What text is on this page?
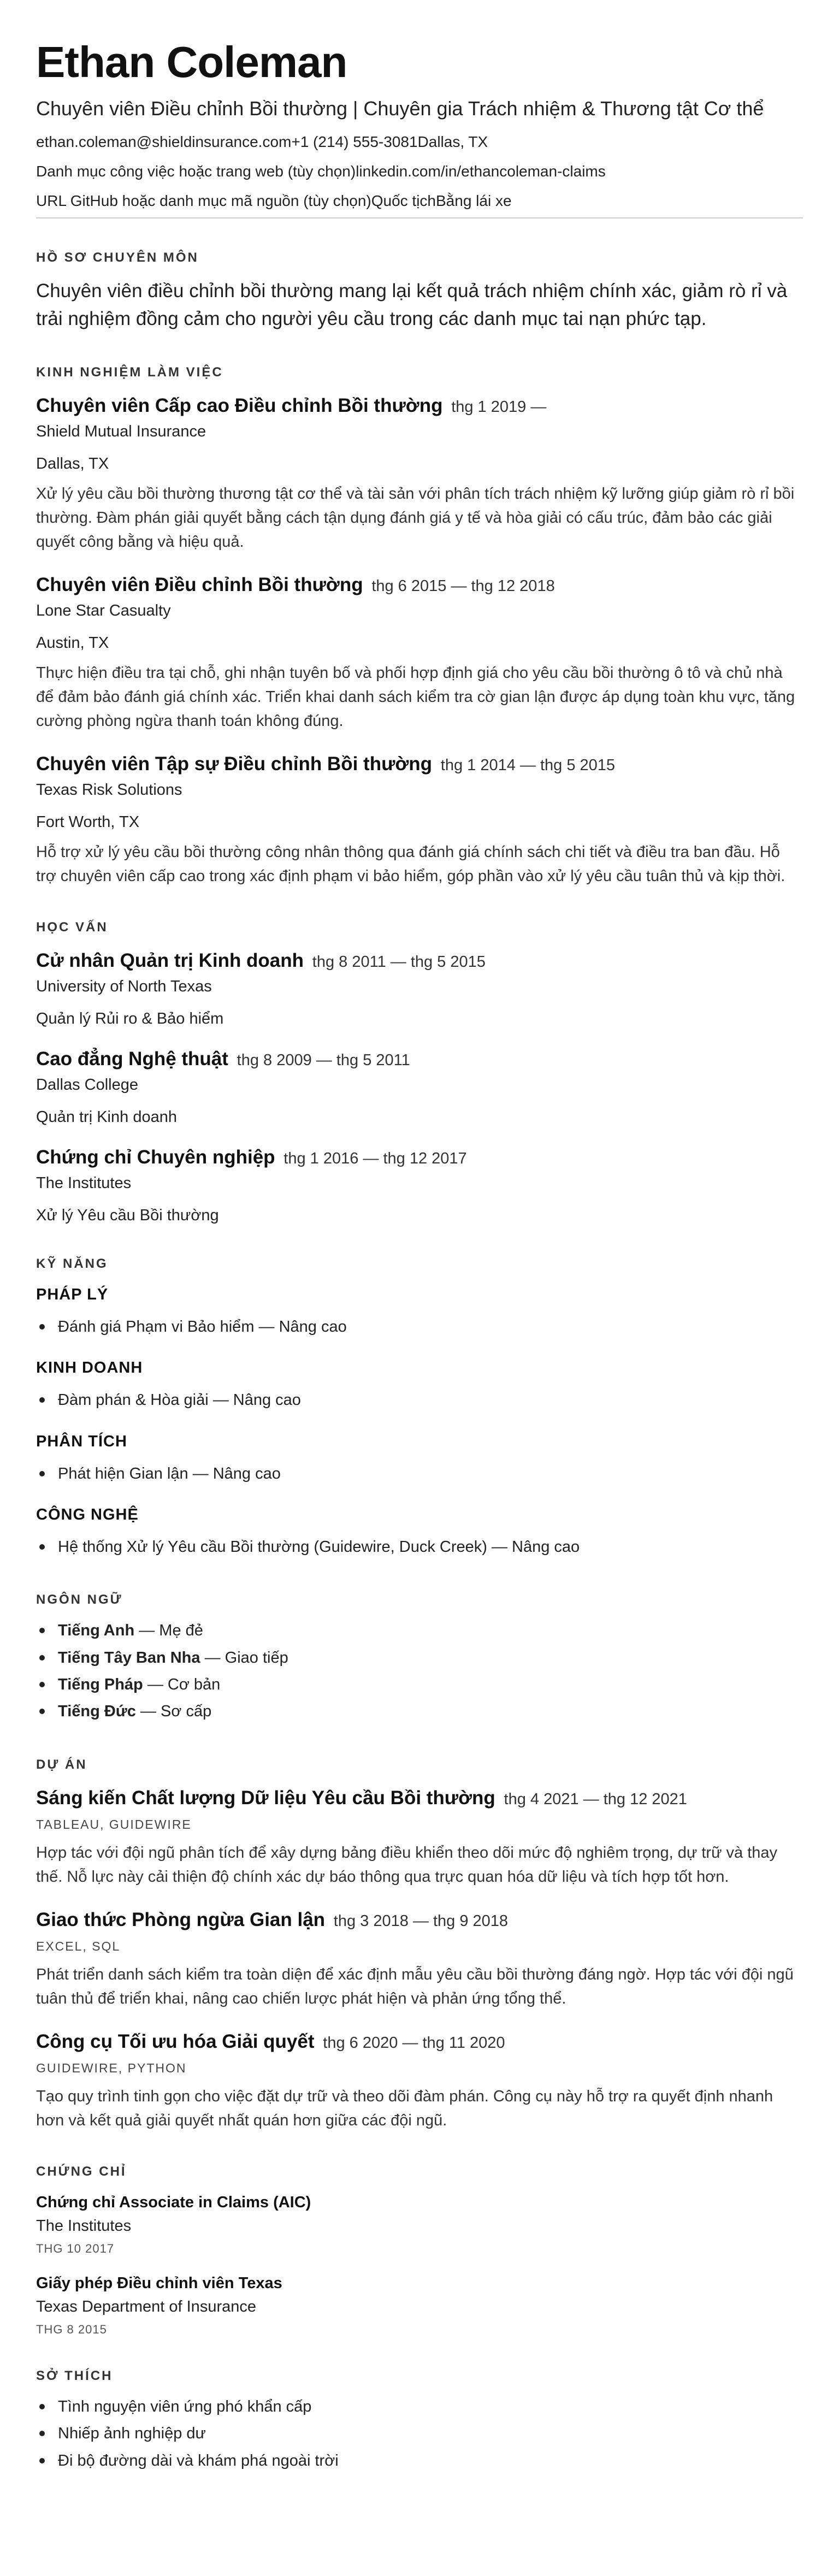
Ethan Coleman
Chuyên viên Điều chỉnh Bồi thường | Chuyên gia Trách nhiệm & Thương tật Cơ thể
ethan.coleman@shieldinsurance.com+1 (214) 555-3081Dallas, TX
Danh mục công việc hoặc trang web (tùy chọn)linkedin.com/in/ethancoleman-claims
URL GitHub hoặc danh mục mã nguồn (tùy chọn)Quốc tịchBằng lái xe
HỒ SƠ CHUYÊN MÔN

Chuyên viên điều chỉnh bồi thường mang lại kết quả trách nhiệm chính xác, giảm rò rỉ và trải nghiệm đồng cảm cho người yêu cầu trong các danh mục tai nạn phức tạp.

KINH NGHIỆM LÀM VIỆC
Chuyên viên Cấp cao Điều chỉnh Bồi thường thg 1 2019 —
Shield Mutual Insurance
Dallas, TX

Xử lý yêu cầu bồi thường thương tật cơ thể và tài sản với phân tích trách nhiệm kỹ lưỡng giúp giảm rò rỉ bồi thường. Đàm phán giải quyết bằng cách tận dụng đánh giá y tế và hòa giải có cấu trúc, đảm bảo các giải quyết công bằng và hiệu quả.

Chuyên viên Điều chỉnh Bồi thường thg 6 2015 — thg 12 2018
Lone Star Casualty
Austin, TX

Thực hiện điều tra tại chỗ, ghi nhận tuyên bố và phối hợp định giá cho yêu cầu bồi thường ô tô và chủ nhà để đảm bảo đánh giá chính xác. Triển khai danh sách kiểm tra cờ gian lận được áp dụng toàn khu vực, tăng cường phòng ngừa thanh toán không đúng.

Chuyên viên Tập sự Điều chỉnh Bồi thường thg 1 2014 — thg 5 2015
Texas Risk Solutions
Fort Worth, TX

Hỗ trợ xử lý yêu cầu bồi thường công nhân thông qua đánh giá chính sách chi tiết và điều tra ban đầu. Hỗ trợ chuyên viên cấp cao trong xác định phạm vi bảo hiểm, góp phần vào xử lý yêu cầu tuân thủ và kịp thời.

HỌC VẤN
Cử nhân Quản trị Kinh doanh thg 8 2011 — thg 5 2015
University of North Texas
Quản lý Rủi ro & Bảo hiểm
Cao đẳng Nghệ thuật thg 8 2009 — thg 5 2011
Dallas College
Quản trị Kinh doanh
Chứng chỉ Chuyên nghiệp thg 1 2016 — thg 12 2017
The Institutes
Xử lý Yêu cầu Bồi thường
KỸ NĂNG
PHÁP LÝ
Đánh giá Phạm vi Bảo hiểm — Nâng cao
KINH DOANH
Đàm phán & Hòa giải — Nâng cao
PHÂN TÍCH
Phát hiện Gian lận — Nâng cao
CÔNG NGHỆ
Hệ thống Xử lý Yêu cầu Bồi thường (Guidewire, Duck Creek) — Nâng cao
NGÔN NGỮ
Tiếng Anh — Mẹ đẻ
Tiếng Tây Ban Nha — Giao tiếp
Tiếng Pháp — Cơ bản
Tiếng Đức — Sơ cấp
DỰ ÁN
Sáng kiến Chất lượng Dữ liệu Yêu cầu Bồi thường thg 4 2021 — thg 12 2021
TABLEAU, GUIDEWIRE

Hợp tác với đội ngũ phân tích để xây dựng bảng điều khiển theo dõi mức độ nghiêm trọng, dự trữ và thay thế. Nỗ lực này cải thiện độ chính xác dự báo thông qua trực quan hóa dữ liệu và tích hợp tốt hơn.

Giao thức Phòng ngừa Gian lận thg 3 2018 — thg 9 2018
EXCEL, SQL

Phát triển danh sách kiểm tra toàn diện để xác định mẫu yêu cầu bồi thường đáng ngờ. Hợp tác với đội ngũ tuân thủ để triển khai, nâng cao chiến lược phát hiện và phản ứng tổng thể.

Công cụ Tối ưu hóa Giải quyết thg 6 2020 — thg 11 2020
GUIDEWIRE, PYTHON

Tạo quy trình tinh gọn cho việc đặt dự trữ và theo dõi đàm phán. Công cụ này hỗ trợ ra quyết định nhanh hơn và kết quả giải quyết nhất quán hơn giữa các đội ngũ.

CHỨNG CHỈ
Chứng chỉ Associate in Claims (AIC)
The Institutes
THG 10 2017
Giấy phép Điều chỉnh viên Texas
Texas Department of Insurance
THG 8 2015
SỞ THÍCH
Tình nguyện viên ứng phó khẩn cấp
Nhiếp ảnh nghiệp dư
Đi bộ đường dài và khám phá ngoài trời
